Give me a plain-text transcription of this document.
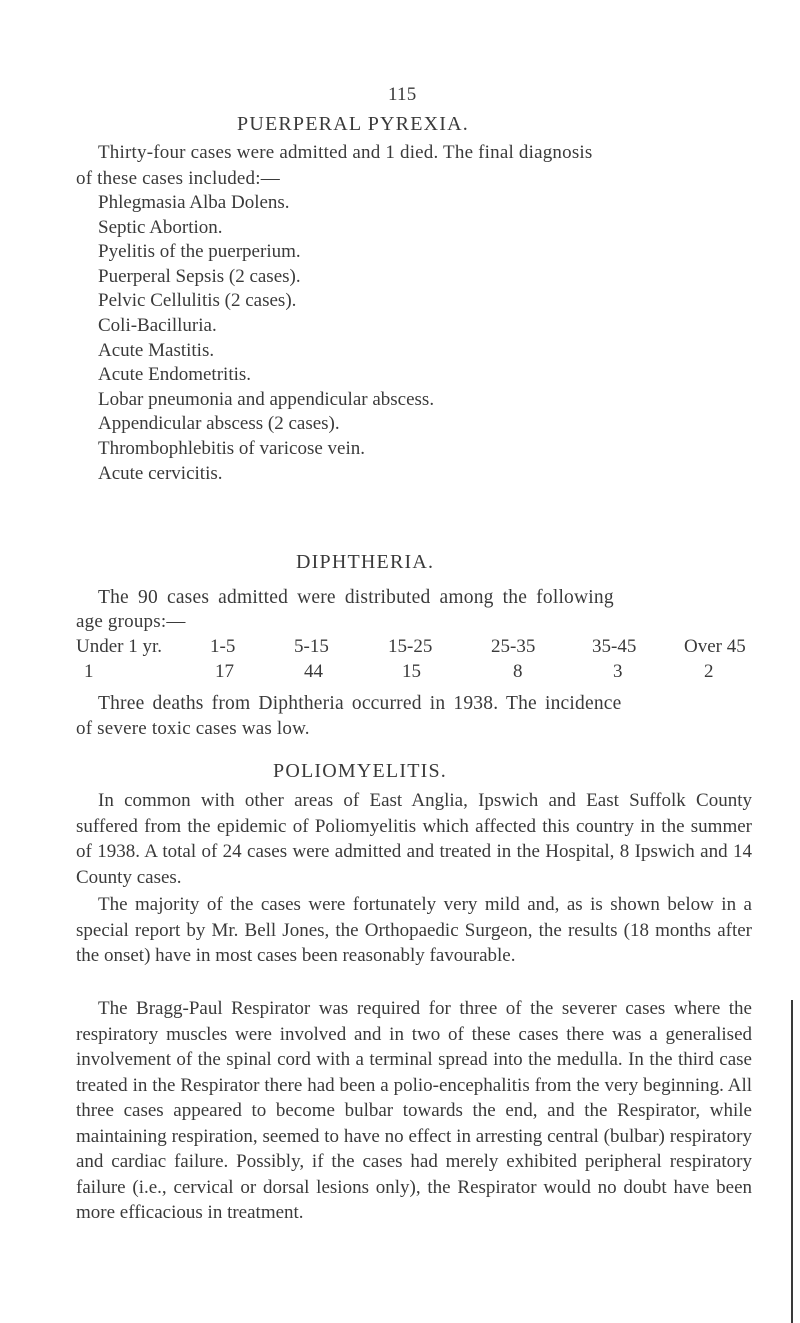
115
PUERPERAL PYREXIA.
Thirty-four cases were admitted and 1 died. The final diagnosis
of these cases included:—
Phlegmasia Alba Dolens.
Septic Abortion.
Pyelitis of the puerperium.
Puerperal Sepsis (2 cases).
Pelvic Cellulitis (2 cases).
Coli-Bacilluria.
Acute Mastitis.
Acute Endometritis.
Lobar pneumonia and appendicular abscess.
Appendicular abscess (2 cases).
Thrombophlebitis of varicose vein.
Acute cervicitis.
DIPHTHERIA.
The 90 cases admitted were distributed among the following
age groups:—
Under 1 yr.	1-5	5-15	15-25	25-35	35-45	Over 45
1	17	44	15	8	3	2
Three deaths from Diphtheria occurred in 1938. The incidence
of severe toxic cases was low.
POLIOMYELITIS.
In common with other areas of East Anglia, Ipswich and East Suffolk County suffered from the epidemic of Poliomyelitis which affected this country in the summer of 1938. A total of 24 cases were admitted and treated in the Hospital, 8 Ipswich and 14 County cases.
The majority of the cases were fortunately very mild and, as is shown below in a special report by Mr. Bell Jones, the Orthopaedic Surgeon, the results (18 months after the onset) have in most cases been reasonably favourable.
The Bragg-Paul Respirator was required for three of the severer cases where the respiratory muscles were involved and in two of these cases there was a generalised involvement of the spinal cord with a terminal spread into the medulla. In the third case treated in the Respirator there had been a polio-encephalitis from the very beginning. All three cases appeared to become bulbar towards the end, and the Respirator, while maintaining respiration, seemed to have no effect in arresting central (bulbar) respiratory and cardiac failure. Possibly, if the cases had merely exhibited peripheral respiratory failure (i.e., cervical or dorsal lesions only), the Respirator would no doubt have been more efficacious in treatment.
